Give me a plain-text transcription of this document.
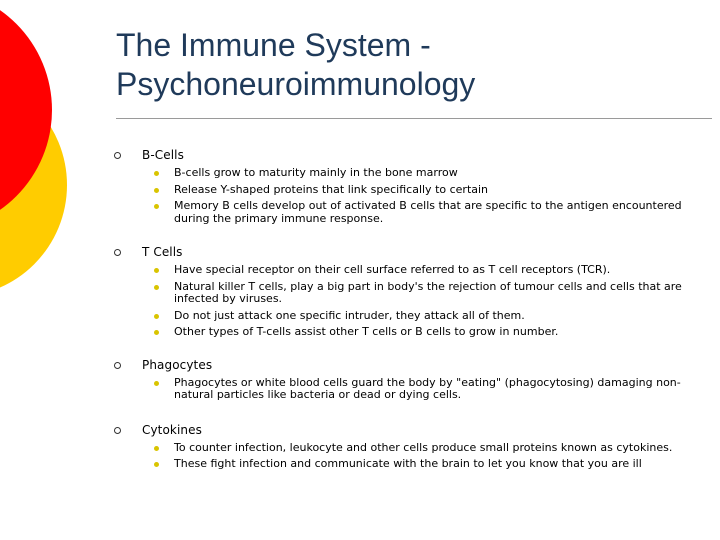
The Immune System - Psychoneuroimmunology
B-Cells
B-cells grow to maturity mainly in the bone marrow
Release Y-shaped proteins that link specifically to certain
Memory B cells develop out of activated B cells that are specific to the antigen encountered during the primary immune response.
T Cells
Have special receptor on their cell surface referred to as T cell receptors (TCR).
Natural killer T cells, play a big part in body's the rejection of tumour cells and cells that are infected by viruses.
Do not just attack one specific intruder, they attack all of them.
Other types of T-cells assist other T cells or B cells to grow in number.
Phagocytes
Phagocytes or white blood cells guard the body by "eating" (phagocytosing) damaging non-natural particles like bacteria or dead or dying cells.
Cytokines
To counter infection, leukocyte and other cells produce small proteins known as cytokines.
These fight infection and communicate with the brain to let you know that you are ill
